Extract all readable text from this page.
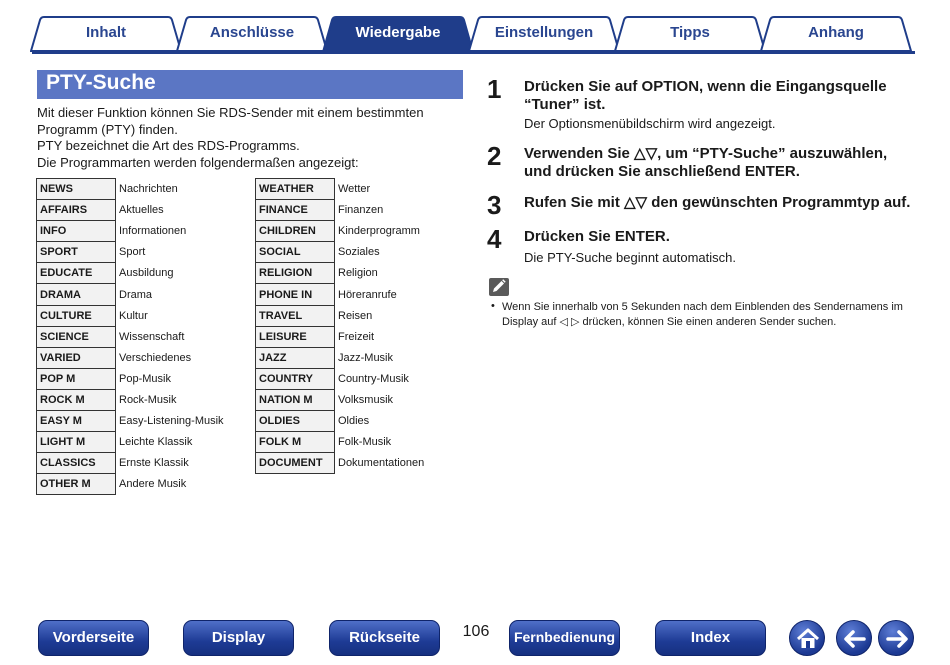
Inhalt	Anschlüsse	Wiedergabe	Einstellungen	Tipps	Anhang
PTY-Suche

Mit dieser Funktion können Sie RDS-Sender mit einem bestimmten Programm (PTY) finden.

PTY bezeichnet die Art des RDS-Programms.

Die Programmarten werden folgendermaßen angezeigt:

NEWS	Nachrichten
AFFAIRS	Aktuelles
INFO	Informationen
SPORT	Sport
EDUCATE	Ausbildung
DRAMA	Drama
CULTURE	Kultur
SCIENCE	Wissenschaft
VARIED	Verschiedenes
POP M	Pop-Musik
ROCK M	Rock-Musik
EASY M	Easy-Listening-Musik
LIGHT M	Leichte Klassik
CLASSICS	Ernste Klassik
OTHER M	Andere Musik
WEATHER	Wetter
FINANCE	Finanzen
CHILDREN	Kinderprogramm
SOCIAL	Soziales
RELIGION	Religion
PHONE IN	Höreranrufe
TRAVEL	Reisen
LEISURE	Freizeit
JAZZ	Jazz-Musik
COUNTRY	Country-Musik
NATION M	Volksmusik
OLDIES	Oldies
FOLK M	Folk-Musik
DOCUMENT	Dokumentationen
1 Drücken Sie auf OPTION, wenn die Eingangsquelle “Tuner” ist.
Der Optionsmenübildschirm wird angezeigt.
2 Verwenden Sie △▽, um “PTY-Suche” auszuwählen, und drücken Sie anschließend ENTER.
3 Rufen Sie mit △▽ den gewünschten Programmtyp auf.
4 Drücken Sie ENTER.
Die PTY-Suche beginnt automatisch.
• Wenn Sie innerhalb von 5 Sekunden nach dem Einblenden des Sendernamens im Display auf ◁ ▷ drücken, können Sie einen anderen Sender suchen.
Vorderseite	Display	Rückseite	106	Fernbedienung	Index
